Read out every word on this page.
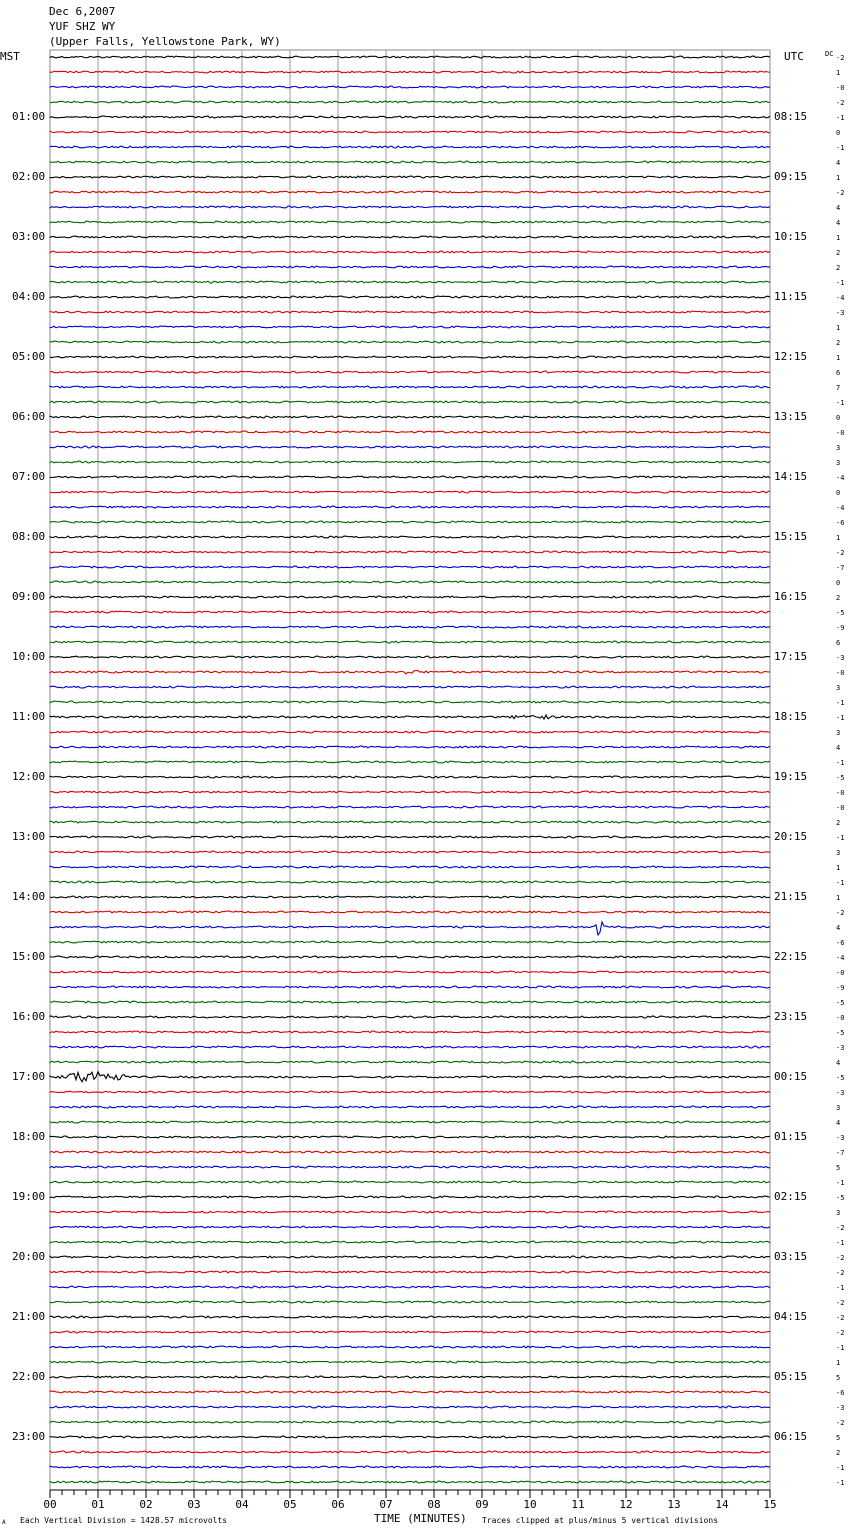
Dec 6,2007
YUF SHZ WY
(Upper Falls, Yellowstone Park, WY)
MST	UTC	DC
00	01	02	03	04	05	06	07	08	09	10	11	12	13	14	15
01:00
02:00
03:00
04:00
05:00
06:00
07:00
08:00
09:00
10:00
11:00
12:00
13:00
14:00
15:00
16:00
17:00
18:00
19:00
20:00
21:00
22:00
23:00
08:15
09:15
10:15
11:15
12:15
13:15
14:15
15:15
16:15
17:15
18:15
19:15
20:15
21:15
22:15
23:15
00:15
01:15
02:15
03:15
04:15
05:15
06:15
-2
1
-0
-2
-1
0
-1
4
1
-2
4
4
1
2
2
-1
-4
-3
1
2
1
6
7
-1
0
-0
3
3
-4
0
-4
-6
1
-2
-7
0
2
-5
-9
6
-3
-0
3
-1
-1
3
4
-1
-5
-0
-0
2
-1
3
1
-1
1
-2
4
-6
-4
-0
-9
-5
-0
-5
-3
4
-5
-3
3
4
-3
-7
5
-1
-5
3
-2
-1
-2
-2
-1
-2
-2
-2
-1
1
5
-6
-3
-2
5
2
-1
-1
Each Vertical Division = 1428.57 microvolts
A	TIME (MINUTES) Traces clipped at plus/minus 5 vertical divisions
